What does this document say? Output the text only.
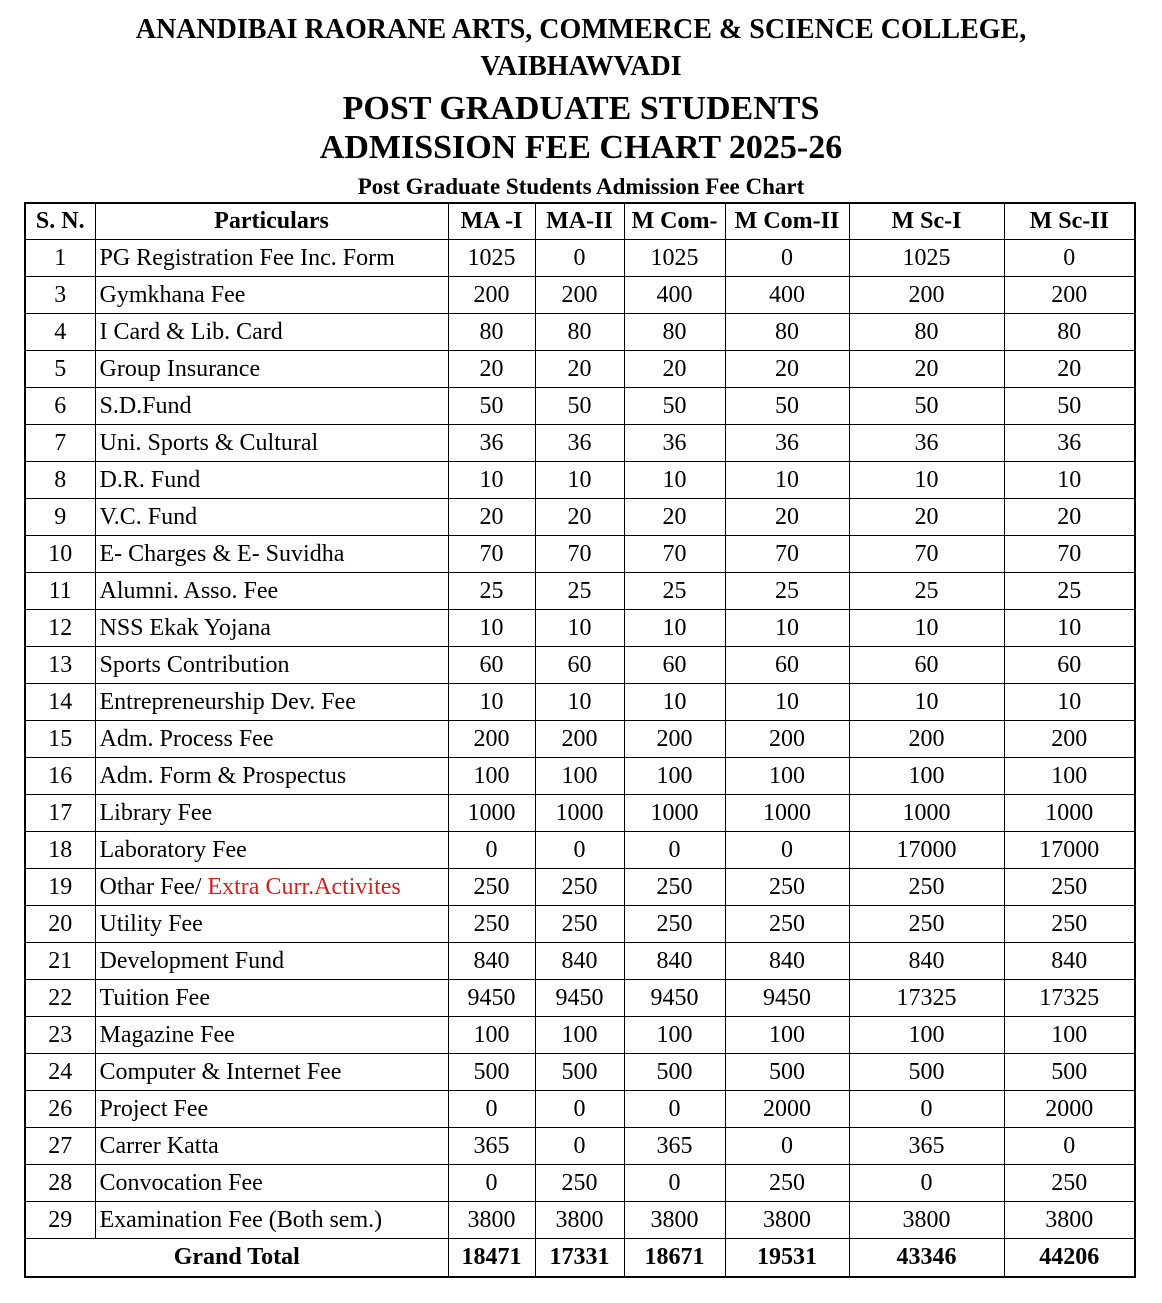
ANANDIBAI RAORANE ARTS, COMMERCE & SCIENCE COLLEGE,
VAIBHAWVADI
POST GRADUATE STUDENTS
ADMISSION FEE CHART 2025-26
Post Graduate Students Admission Fee Chart
S. N.	Particulars	MA -I	MA-II	M Com-	M Com-II	M Sc-I	M Sc-II
1	PG Registration Fee Inc. Form	1025	0	1025	0	1025	0
3	Gymkhana Fee	200	200	400	400	200	200
4	I Card & Lib. Card	80	80	80	80	80	80
5	Group Insurance	20	20	20	20	20	20
6	S.D.Fund	50	50	50	50	50	50
7	Uni. Sports & Cultural	36	36	36	36	36	36
8	D.R. Fund	10	10	10	10	10	10
9	V.C. Fund	20	20	20	20	20	20
10	E- Charges & E- Suvidha	70	70	70	70	70	70
11	Alumni. Asso. Fee	25	25	25	25	25	25
12	NSS Ekak Yojana	10	10	10	10	10	10
13	Sports Contribution	60	60	60	60	60	60
14	Entrepreneurship Dev. Fee	10	10	10	10	10	10
15	Adm. Process Fee	200	200	200	200	200	200
16	Adm. Form & Prospectus	100	100	100	100	100	100
17	Library Fee	1000	1000	1000	1000	1000	1000
18	Laboratory Fee	0	0	0	0	17000	17000
19	Othar Fee/ Extra Curr.Activites	250	250	250	250	250	250
20	Utility Fee	250	250	250	250	250	250
21	Development Fund	840	840	840	840	840	840
22	Tuition Fee	9450	9450	9450	9450	17325	17325
23	Magazine Fee	100	100	100	100	100	100
24	Computer & Internet Fee	500	500	500	500	500	500
26	Project Fee	0	0	0	2000	0	2000
27	Carrer Katta	365	0	365	0	365	0
28	Convocation Fee	0	250	0	250	0	250
29	Examination Fee (Both sem.)	3800	3800	3800	3800	3800	3800
Grand Total		18471	17331	18671	19531	43346	44206
